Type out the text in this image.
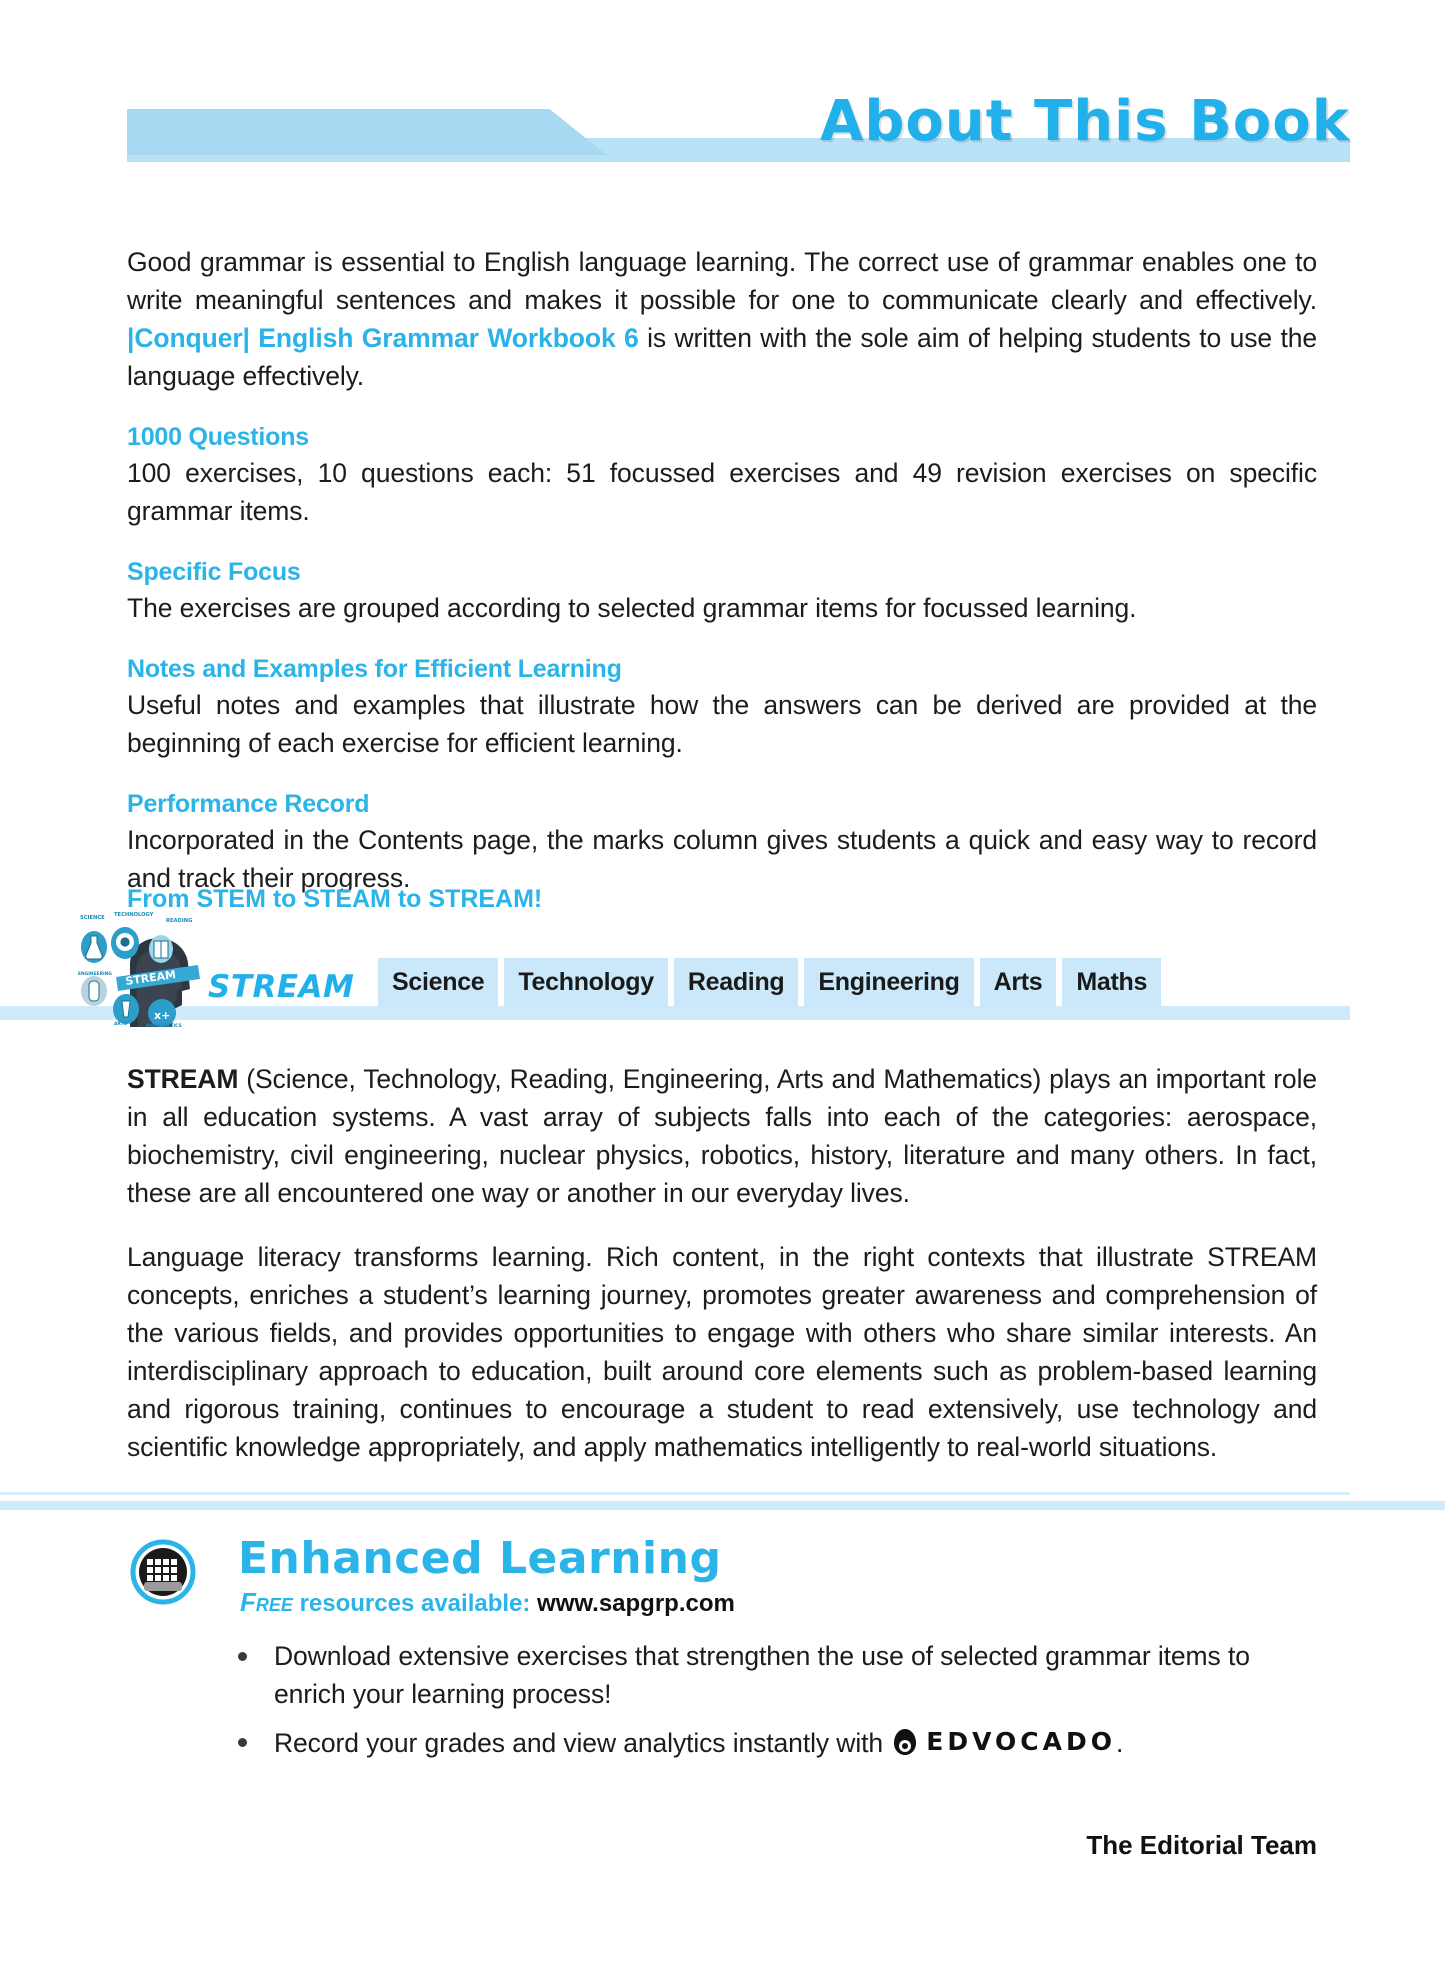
About This Book

Good grammar is essential to English language learning. The correct use of grammar enables one to write meaningful sentences and makes it possible for one to communicate clearly and effectively. |Conquer| English Grammar Workbook 6 is written with the sole aim of helping students to use the language effectively.

1000 Questions

100 exercises, 10 questions each: 51 focussed exercises and 49 revision exercises on specific grammar items.

Specific Focus

The exercises are grouped according to selected grammar items for focussed learning.

Notes and Examples for Efficient Learning

Useful notes and examples that illustrate how the answers can be derived are provided at the beginning of each exercise for efficient learning.

Performance Record

Incorporated in the Contents page, the marks column gives students a quick and easy way to record and track their progress.

From STEM to STEAM to STREAM!
SCIENCE TECHNOLOGY
READING
x+
STREAM
ENGINEERING
ARTS	MATHEMATICS
STREAM	Science	Technology	Reading	Engineering	Arts	Maths

STREAM (Science, Technology, Reading, Engineering, Arts and Mathematics) plays an important role in all education systems. A vast array of subjects falls into each of the categories: aerospace, biochemistry, civil engineering, nuclear physics, robotics, history, literature and many others. In fact, these are all encountered one way or another in our everyday lives.

Language literacy transforms learning. Rich content, in the right contexts that illustrate STREAM concepts, enriches a student’s learning journey, promotes greater awareness and comprehension of the various fields, and provides opportunities to engage with others who share similar interests. An interdisciplinary approach to education, built around core elements such as problem-based learning and rigorous training, continues to encourage a student to read extensively, use technology and scientific knowledge appropriately, and apply mathematics intelligently to real-world situations.

Enhanced Learning
Free resources available: www.sapgrp.com
Download extensive exercises that strengthen the use of selected grammar items to enrich your learning process!
Record your grades and view analytics instantly with EDVOCADO .
The Editorial Team
